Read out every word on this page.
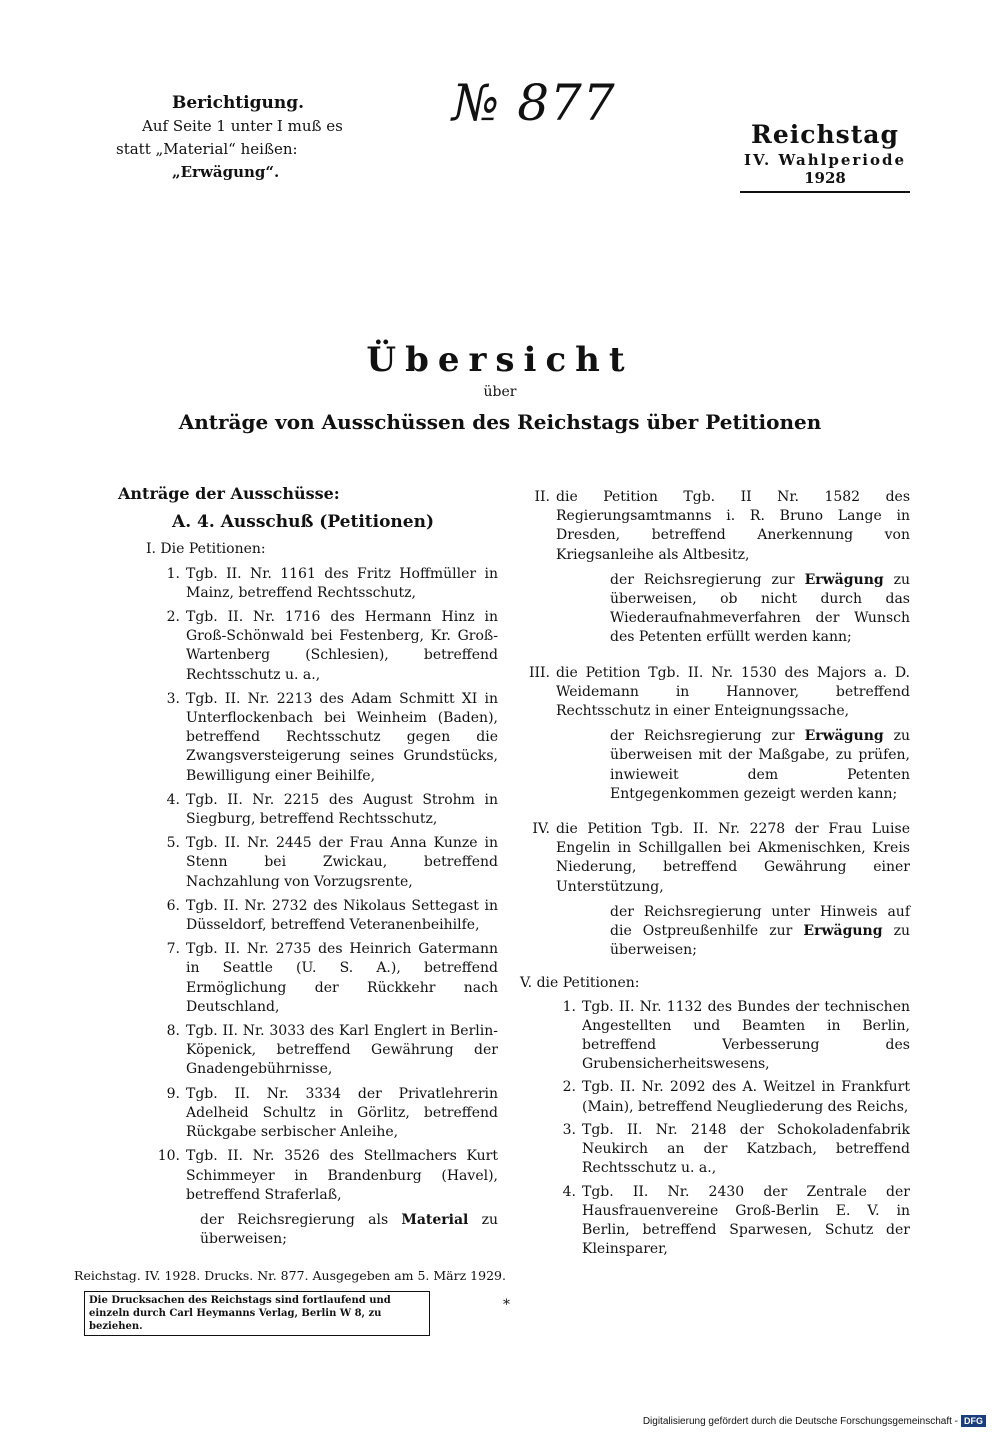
Berichtigung.
Auf Seite 1 unter I muß es
statt „Material“ heißen:
„Erwägung“.
№ 877
Reichstag
IV. Wahlperiode
1928
Übersicht
über
Anträge von Ausschüssen des Reichstags über Petitionen
Anträge der Ausschüsse:
A. 4. Ausschuß (Petitionen)
I. Die Petitionen:
1. Tgb. II. Nr. 1161 des Fritz Hoffmüller in Mainz, betreffend Rechtsschutz,
2. Tgb. II. Nr. 1716 des Hermann Hinz in Groß-Schönwald bei Festenberg, Kr. Groß-Wartenberg (Schlesien), betreffend Rechtsschutz u. a.,
3. Tgb. II. Nr. 2213 des Adam Schmitt XI in Unterflockenbach bei Weinheim (Baden), betreffend Rechtsschutz gegen die Zwangsversteigerung seines Grundstücks, Bewilligung einer Beihilfe,
4. Tgb. II. Nr. 2215 des August Strohm in Siegburg, betreffend Rechtsschutz,
5. Tgb. II. Nr. 2445 der Frau Anna Kunze in Stenn bei Zwickau, betreffend Nachzahlung von Vorzugsrente,
6. Tgb. II. Nr. 2732 des Nikolaus Settegast in Düsseldorf, betreffend Veteranenbeihilfe,
7. Tgb. II. Nr. 2735 des Heinrich Gatermann in Seattle (U. S. A.), betreffend Ermöglichung der Rückkehr nach Deutschland,
8. Tgb. II. Nr. 3033 des Karl Englert in Berlin-Köpenick, betreffend Gewährung der Gnadengebührnisse,
9. Tgb. II. Nr. 3334 der Privatlehrerin Adelheid Schultz in Görlitz, betreffend Rückgabe serbischer Anleihe,
10. Tgb. II. Nr. 3526 des Stellmachers Kurt Schimmeyer in Brandenburg (Havel), betreffend Straferlaß,
der Reichsregierung als Material zu überweisen;
II. die Petition Tgb. II Nr. 1582 des Regierungsamtmanns i. R. Bruno Lange in Dresden, betreffend Anerkennung von Kriegsanleihe als Altbesitz,
der Reichsregierung zur Erwägung zu überweisen, ob nicht durch das Wiederaufnahmeverfahren der Wunsch des Petenten erfüllt werden kann;
III. die Petition Tgb. II. Nr. 1530 des Majors a. D. Weidemann in Hannover, betreffend Rechtsschutz in einer Enteignungssache,
der Reichsregierung zur Erwägung zu überweisen mit der Maßgabe, zu prüfen, inwieweit dem Petenten Entgegenkommen gezeigt werden kann;
IV. die Petition Tgb. II. Nr. 2278 der Frau Luise Engelin in Schillgallen bei Akmenischken, Kreis Niederung, betreffend Gewährung einer Unterstützung,
der Reichsregierung unter Hinweis auf die Ostpreußenhilfe zur Erwägung zu überweisen;
V. die Petitionen:
1. Tgb. II. Nr. 1132 des Bundes der technischen Angestellten und Beamten in Berlin, betreffend Verbesserung des Grubensicherheitswesens,
2. Tgb. II. Nr. 2092 des A. Weitzel in Frankfurt (Main), betreffend Neugliederung des Reichs,
3. Tgb. II. Nr. 2148 der Schokoladenfabrik Neukirch an der Katzbach, betreffend Rechtsschutz u. a.,
4. Tgb. II. Nr. 2430 der Zentrale der Hausfrauenvereine Groß-Berlin E. V. in Berlin, betreffend Sparwesen, Schutz der Kleinsparer,
Reichstag. IV. 1928. Drucks. Nr. 877. Ausgegeben am 5. März 1929.
Die Drucksachen des Reichstags sind fortlaufend und einzeln durch Carl Heymanns Verlag, Berlin W 8, zu beziehen.
*
Digitalisierung gefördert durch die Deutsche Forschungsgemeinschaft - DFG
